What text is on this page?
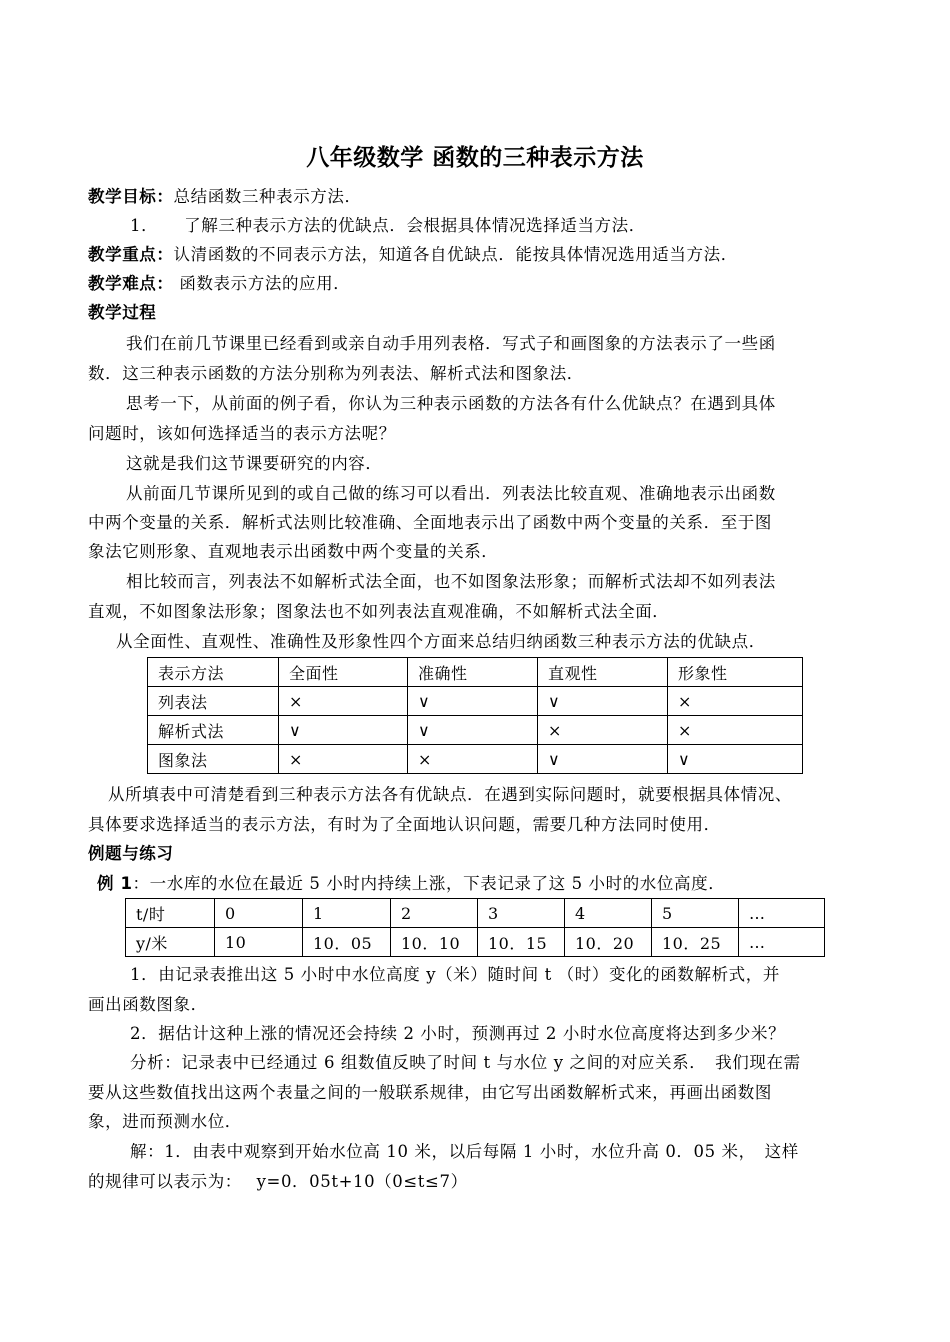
八年级数学 函数的三种表示方法
教学目标：总结函数三种表示方法．
1．　　了解三种表示方法的优缺点．会根据具体情况选择适当方法．
教学重点：认清函数的不同表示方法，知道各自优缺点．能按具体情况选用适当方法．
教学难点： 函数表示方法的应用．
教学过程
我们在前几节课里已经看到或亲自动手用列表格．写式子和画图象的方法表示了一些函
数．这三种表示函数的方法分别称为列表法、解析式法和图象法．
思考一下，从前面的例子看，你认为三种表示函数的方法各有什么优缺点？在遇到具体
问题时，该如何选择适当的表示方法呢？
这就是我们这节课要研究的内容．
从前面几节课所见到的或自己做的练习可以看出．列表法比较直观、准确地表示出函数
中两个变量的关系．解析式法则比较准确、全面地表示出了函数中两个变量的关系．至于图
象法它则形象、直观地表示出函数中两个变量的关系．
相比较而言，列表法不如解析式法全面，也不如图象法形象；而解析式法却不如列表法
直观，不如图象法形象；图象法也不如列表法直观准确，不如解析式法全面．
从全面性、直观性、准确性及形象性四个方面来总结归纳函数三种表示方法的优缺点．
表示方法	全面性	准确性	直观性	形象性
列表法	×	∨	∨	×
解析式法	∨	∨	×	×
图象法	×	×	∨	∨
从所填表中可清楚看到三种表示方法各有优缺点．在遇到实际问题时，就要根据具体情况、
具体要求选择适当的表示方法，有时为了全面地认识问题，需要几种方法同时使用．
例题与练习
例 1：一水库的水位在最近 5 小时内持续上涨，下表记录了这 5 小时的水位高度．
t/时	0	1	2	3	4	5	…
y/米	10	10．05	10．10	10．15	10．20	10．25	…
1．由记录表推出这 5 小时中水位高度 y（米）随时间 t （时）变化的函数解析式，并
画出函数图象．
2．据估计这种上涨的情况还会持续 2 小时，预测再过 2 小时水位高度将达到多少米？
分析：记录表中已经通过 6 组数值反映了时间 t 与水位 y 之间的对应关系．　我们现在需
要从这些数值找出这两个表量之间的一般联系规律，由它写出函数解析式来，再画出函数图
象，进而预测水位．
解：1．由表中观察到开始水位高 10 米，以后每隔 1 小时，水位升高 0．05 米，　这样
的规律可以表示为：　 y=0．05t+10（0≤t≤7）
